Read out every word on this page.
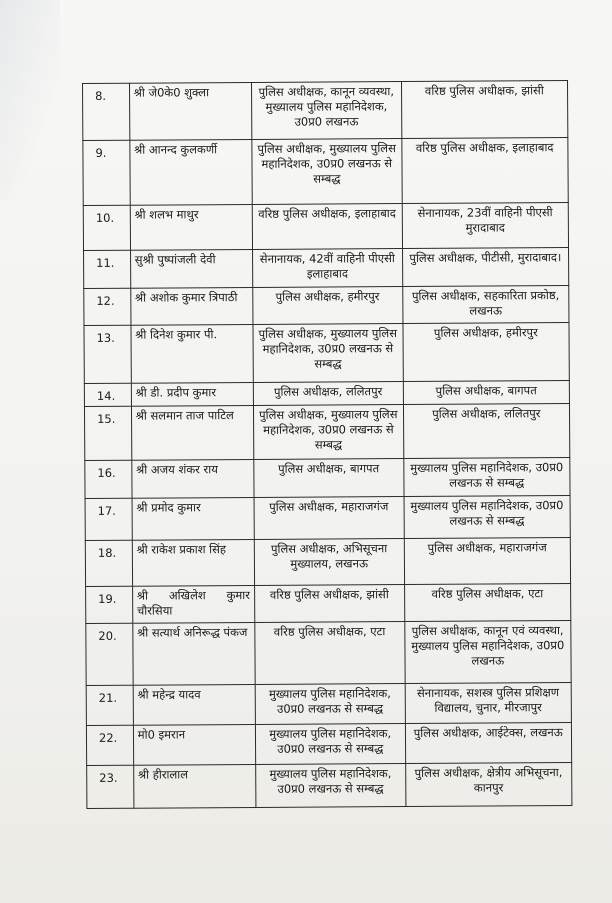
8.	श्री जे0के0 शुक्ला	पुलिस अधीक्षक, कानून व्यवस्था, मुख्यालय पुलिस महानिदेशक, उ0प्र0 लखनऊ	वरिष्ठ पुलिस अधीक्षक, झांसी
9.	श्री आनन्द कुलकर्णी	पुलिस अधीक्षक, मुख्यालय पुलिस महानिदेशक, उ0प्र0 लखनऊ से सम्बद्ध	वरिष्ठ पुलिस अधीक्षक, इलाहाबाद
10.	श्री शलभ माथुर	वरिष्ठ पुलिस अधीक्षक, इलाहाबाद	सेनानायक, 23वीं वाहिनी पीएसी मुरादाबाद
11.	सुश्री पुष्पांजली देवी	सेनानायक, 42वीं वाहिनी पीएसी इलाहाबाद	पुलिस अधीक्षक, पीटीसी, मुरादाबाद।
12.	श्री अशोक कुमार त्रिपाठी	पुलिस अधीक्षक, हमीरपुर	पुलिस अधीक्षक, सहकारिता प्रकोष्ठ, लखनऊ
13.	श्री दिनेश कुमार पी.	पुलिस अधीक्षक, मुख्यालय पुलिस महानिदेशक, उ0प्र0 लखनऊ से सम्बद्ध	पुलिस अधीक्षक, हमीरपुर
14.	श्री डी. प्रदीप कुमार	पुलिस अधीक्षक, ललितपुर	पुलिस अधीक्षक, बागपत
15.	श्री सलमान ताज पाटिल	पुलिस अधीक्षक, मुख्यालय पुलिस महानिदेशक, उ0प्र0 लखनऊ से सम्बद्ध	पुलिस अधीक्षक, ललितपुर
16.	श्री अजय शंकर राय	पुलिस अधीक्षक, बागपत	मुख्यालय पुलिस महानिदेशक, उ0प्र0 लखनऊ से सम्बद्ध
17.	श्री प्रमोद कुमार	पुलिस अधीक्षक, महाराजगंज	मुख्यालय पुलिस महानिदेशक, उ0प्र0 लखनऊ से सम्बद्ध
18.	श्री राकेश प्रकाश सिंह	पुलिस अधीक्षक, अभिसूचना मुख्यालय, लखनऊ	पुलिस अधीक्षक, महाराजगंज
19.	श्री अखिलेश कुमार चौरसिया	वरिष्ठ पुलिस अधीक्षक, झांसी	वरिष्ठ पुलिस अधीक्षक, एटा
20.	श्री सत्यार्थ अनिरूद्ध पंकज	वरिष्ठ पुलिस अधीक्षक, एटा	पुलिस अधीक्षक, कानून एवं व्यवस्था, मुख्यालय पुलिस महानिदेशक, उ0प्र0 लखनऊ
21.	श्री महेन्द्र यादव	मुख्यालय पुलिस महानिदेशक, उ0प्र0 लखनऊ से सम्बद्ध	सेनानायक, सशस्त्र पुलिस प्रशिक्षण विद्यालय, चुनार, मीरजापुर
22.	मो0 इमरान	मुख्यालय पुलिस महानिदेशक, उ0प्र0 लखनऊ से सम्बद्ध	पुलिस अधीक्षक, आईटेक्स, लखनऊ
23.	श्री हीरालाल	मुख्यालय पुलिस महानिदेशक, उ0प्र0 लखनऊ से सम्बद्ध	पुलिस अधीक्षक, क्षेत्रीय अभिसूचना, कानपुर
